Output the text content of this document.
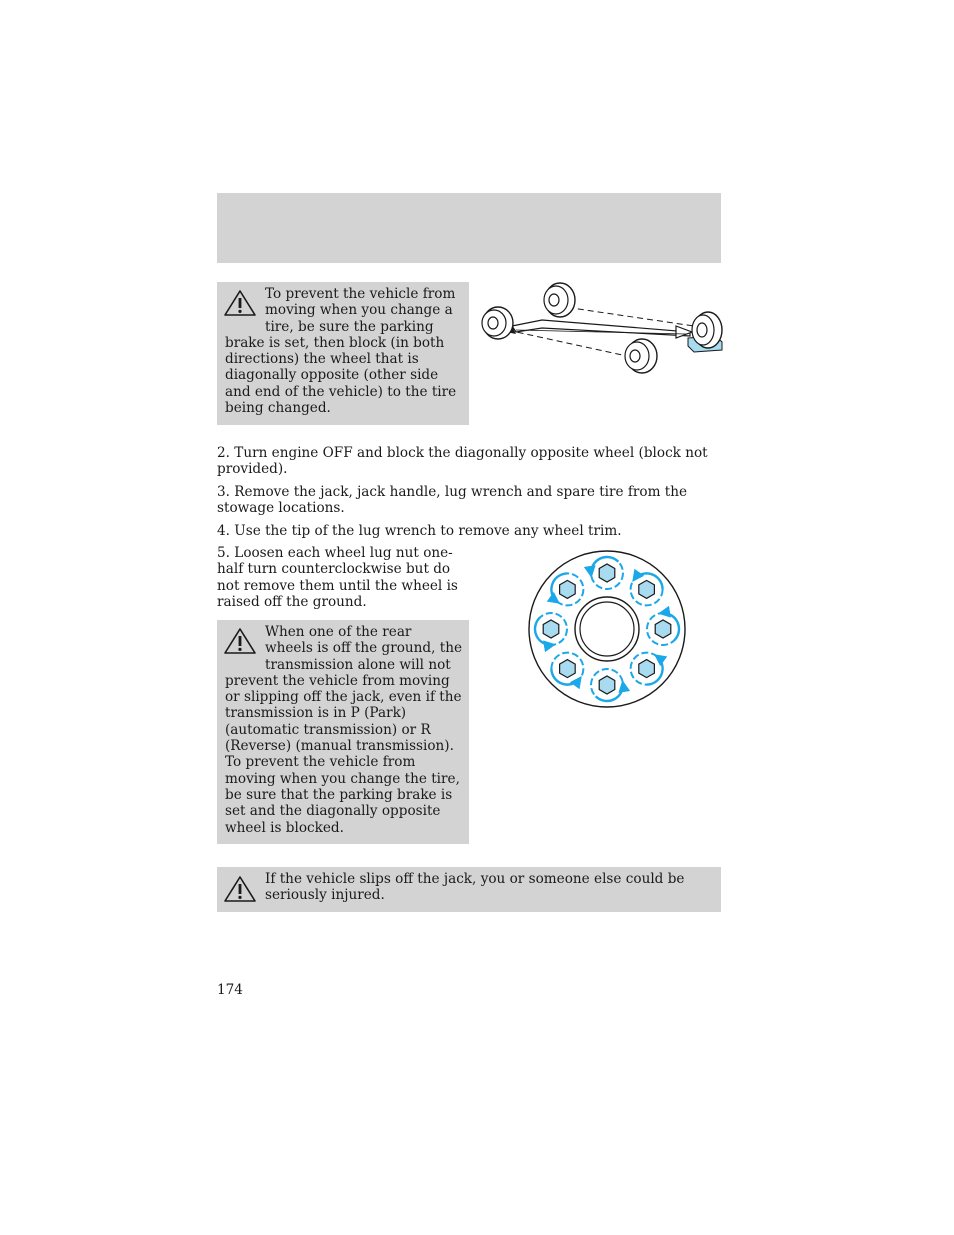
To prevent the vehicle from moving when you change a tire, be sure the parking brake is set, then block (in both directions) the wheel that is diagonally opposite (other side and end of the vehicle) to the tire being changed.

2. Turn engine OFF and block the diagonally opposite wheel (block not provided).

3. Remove the jack, jack handle, lug wrench and spare tire from the stowage locations.

4. Use the tip of the lug wrench to remove any wheel trim.

5. Loosen each wheel lug nut one-half turn counterclockwise but do not remove them until the wheel is raised off the ground.

When one of the rear wheels is off the ground, the transmission alone will not prevent the vehicle from moving or slipping off the jack, even if the transmission is in P (Park) (automatic transmission) or R (Reverse) (manual transmission). To prevent the vehicle from moving when you change the tire, be sure that the parking brake is set and the diagonally opposite wheel is blocked.
If the vehicle slips off the jack, you or someone else could be seriously injured.
174
